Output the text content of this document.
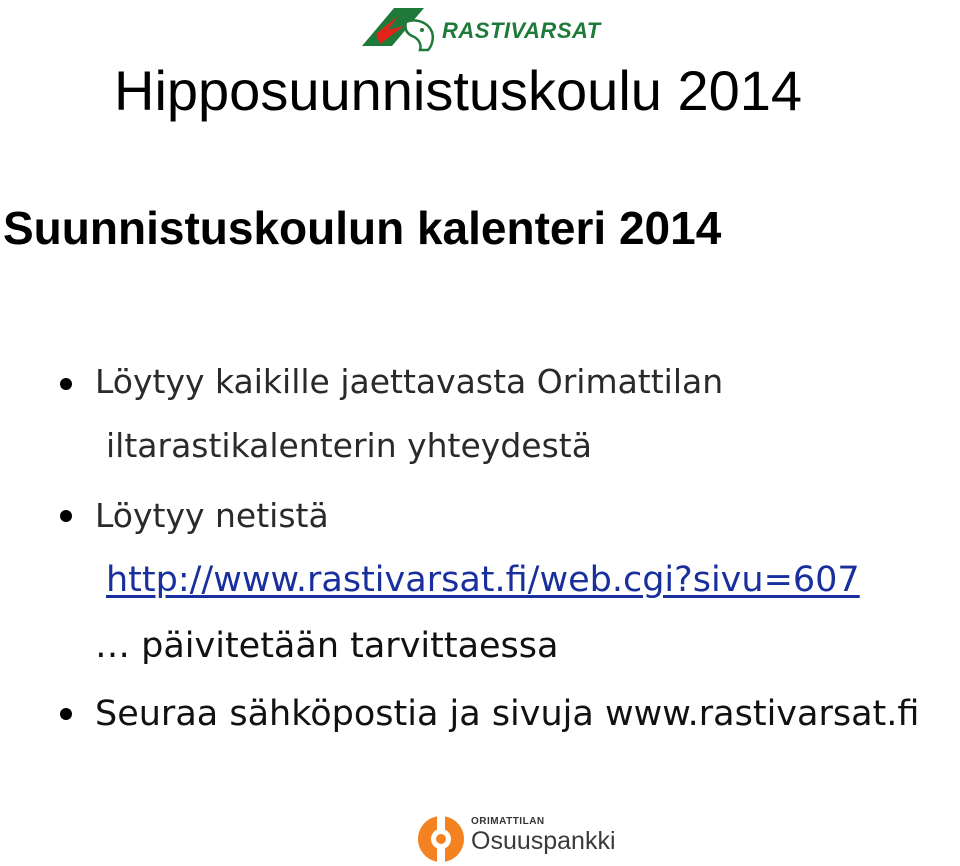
RASTIVARSAT
Hipposuunnistuskoulu 2014
Suunnistuskoulun kalenteri 2014
Löytyy kaikille jaettavasta Orimattilan
iltarastikalenterin yhteydestä
Löytyy netistä
http://www.rastivarsat.fi/web.cgi?sivu=607
… päivitetään tarvittaessa
Seuraa sähköpostia ja sivuja www.rastivarsat.fi
ORIMATTILAN
Osuuspankki
